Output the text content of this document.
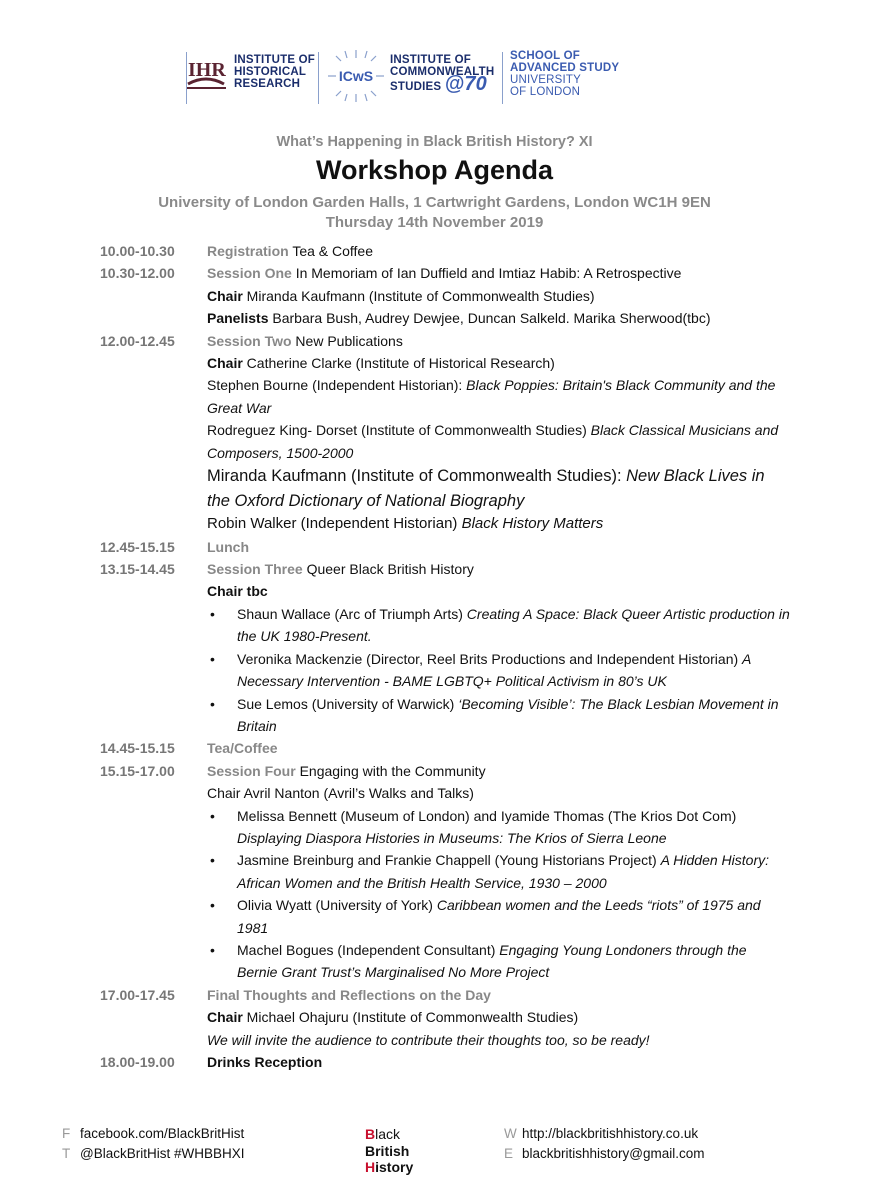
IHR INSTITUTE OF
HISTORICAL
RESEARCH	ICwS
INSTITUTE OF
COMMONWEALTH
STUDIES @70
SCHOOL OF
ADVANCED STUDY
UNIVERSITY
OF LONDON
What’s Happening in Black British History? XI
Workshop Agenda
University of London Garden Halls, 1 Cartwright Gardens, London WC1H 9EN
Thursday 14th November 2019
10.00-10.30	Registration Tea & Coffee
10.30-12.00	Session One In Memoriam of Ian Duffield and Imtiaz Habib: A Retrospective
Chair Miranda Kaufmann (Institute of Commonwealth Studies)
Panelists Barbara Bush, Audrey Dewjee, Duncan Salkeld. Marika Sherwood(tbc)
12.00-12.45	Session Two New Publications
Chair Catherine Clarke (Institute of Historical Research)
Stephen Bourne (Independent Historian): Black Poppies: Britain's Black Community and the Great War
Rodreguez King- Dorset (Institute of Commonwealth Studies) Black Classical Musicians and Composers, 1500-2000
Miranda Kaufmann (Institute of Commonwealth Studies): New Black Lives in the Oxford Dictionary of National Biography
Robin Walker (Independent Historian) Black History Matters
12.45-15.15	Lunch
13.15-14.45	Session Three Queer Black British History
Chair tbc
•	Shaun Wallace (Arc of Triumph Arts) Creating A Space: Black Queer Artistic production in the UK 1980-Present.
•	Veronika Mackenzie (Director, Reel Brits Productions and Independent Historian) A Necessary Intervention - BAME LGBTQ+ Political Activism in 80’s UK
•	Sue Lemos (University of Warwick) ‘Becoming Visible’: The Black Lesbian Movement in Britain
14.45-15.15	Tea/Coffee
15.15-17.00	Session Four Engaging with the Community
Chair Avril Nanton (Avril’s Walks and Talks)
•	Melissa Bennett (Museum of London) and Iyamide Thomas (The Krios Dot Com) Displaying Diaspora Histories in Museums: The Krios of Sierra Leone
•	Jasmine Breinburg and Frankie Chappell (Young Historians Project) A Hidden History: African Women and the British Health Service, 1930 – 2000
•	Olivia Wyatt (University of York) Caribbean women and the Leeds “riots” of 1975 and 1981
•	Machel Bogues (Independent Consultant) Engaging Young Londoners through the Bernie Grant Trust’s Marginalised No More Project
17.00-17.45	Final Thoughts and Reflections on the Day
Chair Michael Ohajuru (Institute of Commonwealth Studies)
We will invite the audience to contribute their thoughts too, so be ready!
18.00-19.00	Drinks Reception
F facebook.com/BlackBritHist
T @BlackBritHist #WHBBHXI
W http://blackbritishhistory.co.uk
E blackbritishhistory@gmail.com
Black
British
History
